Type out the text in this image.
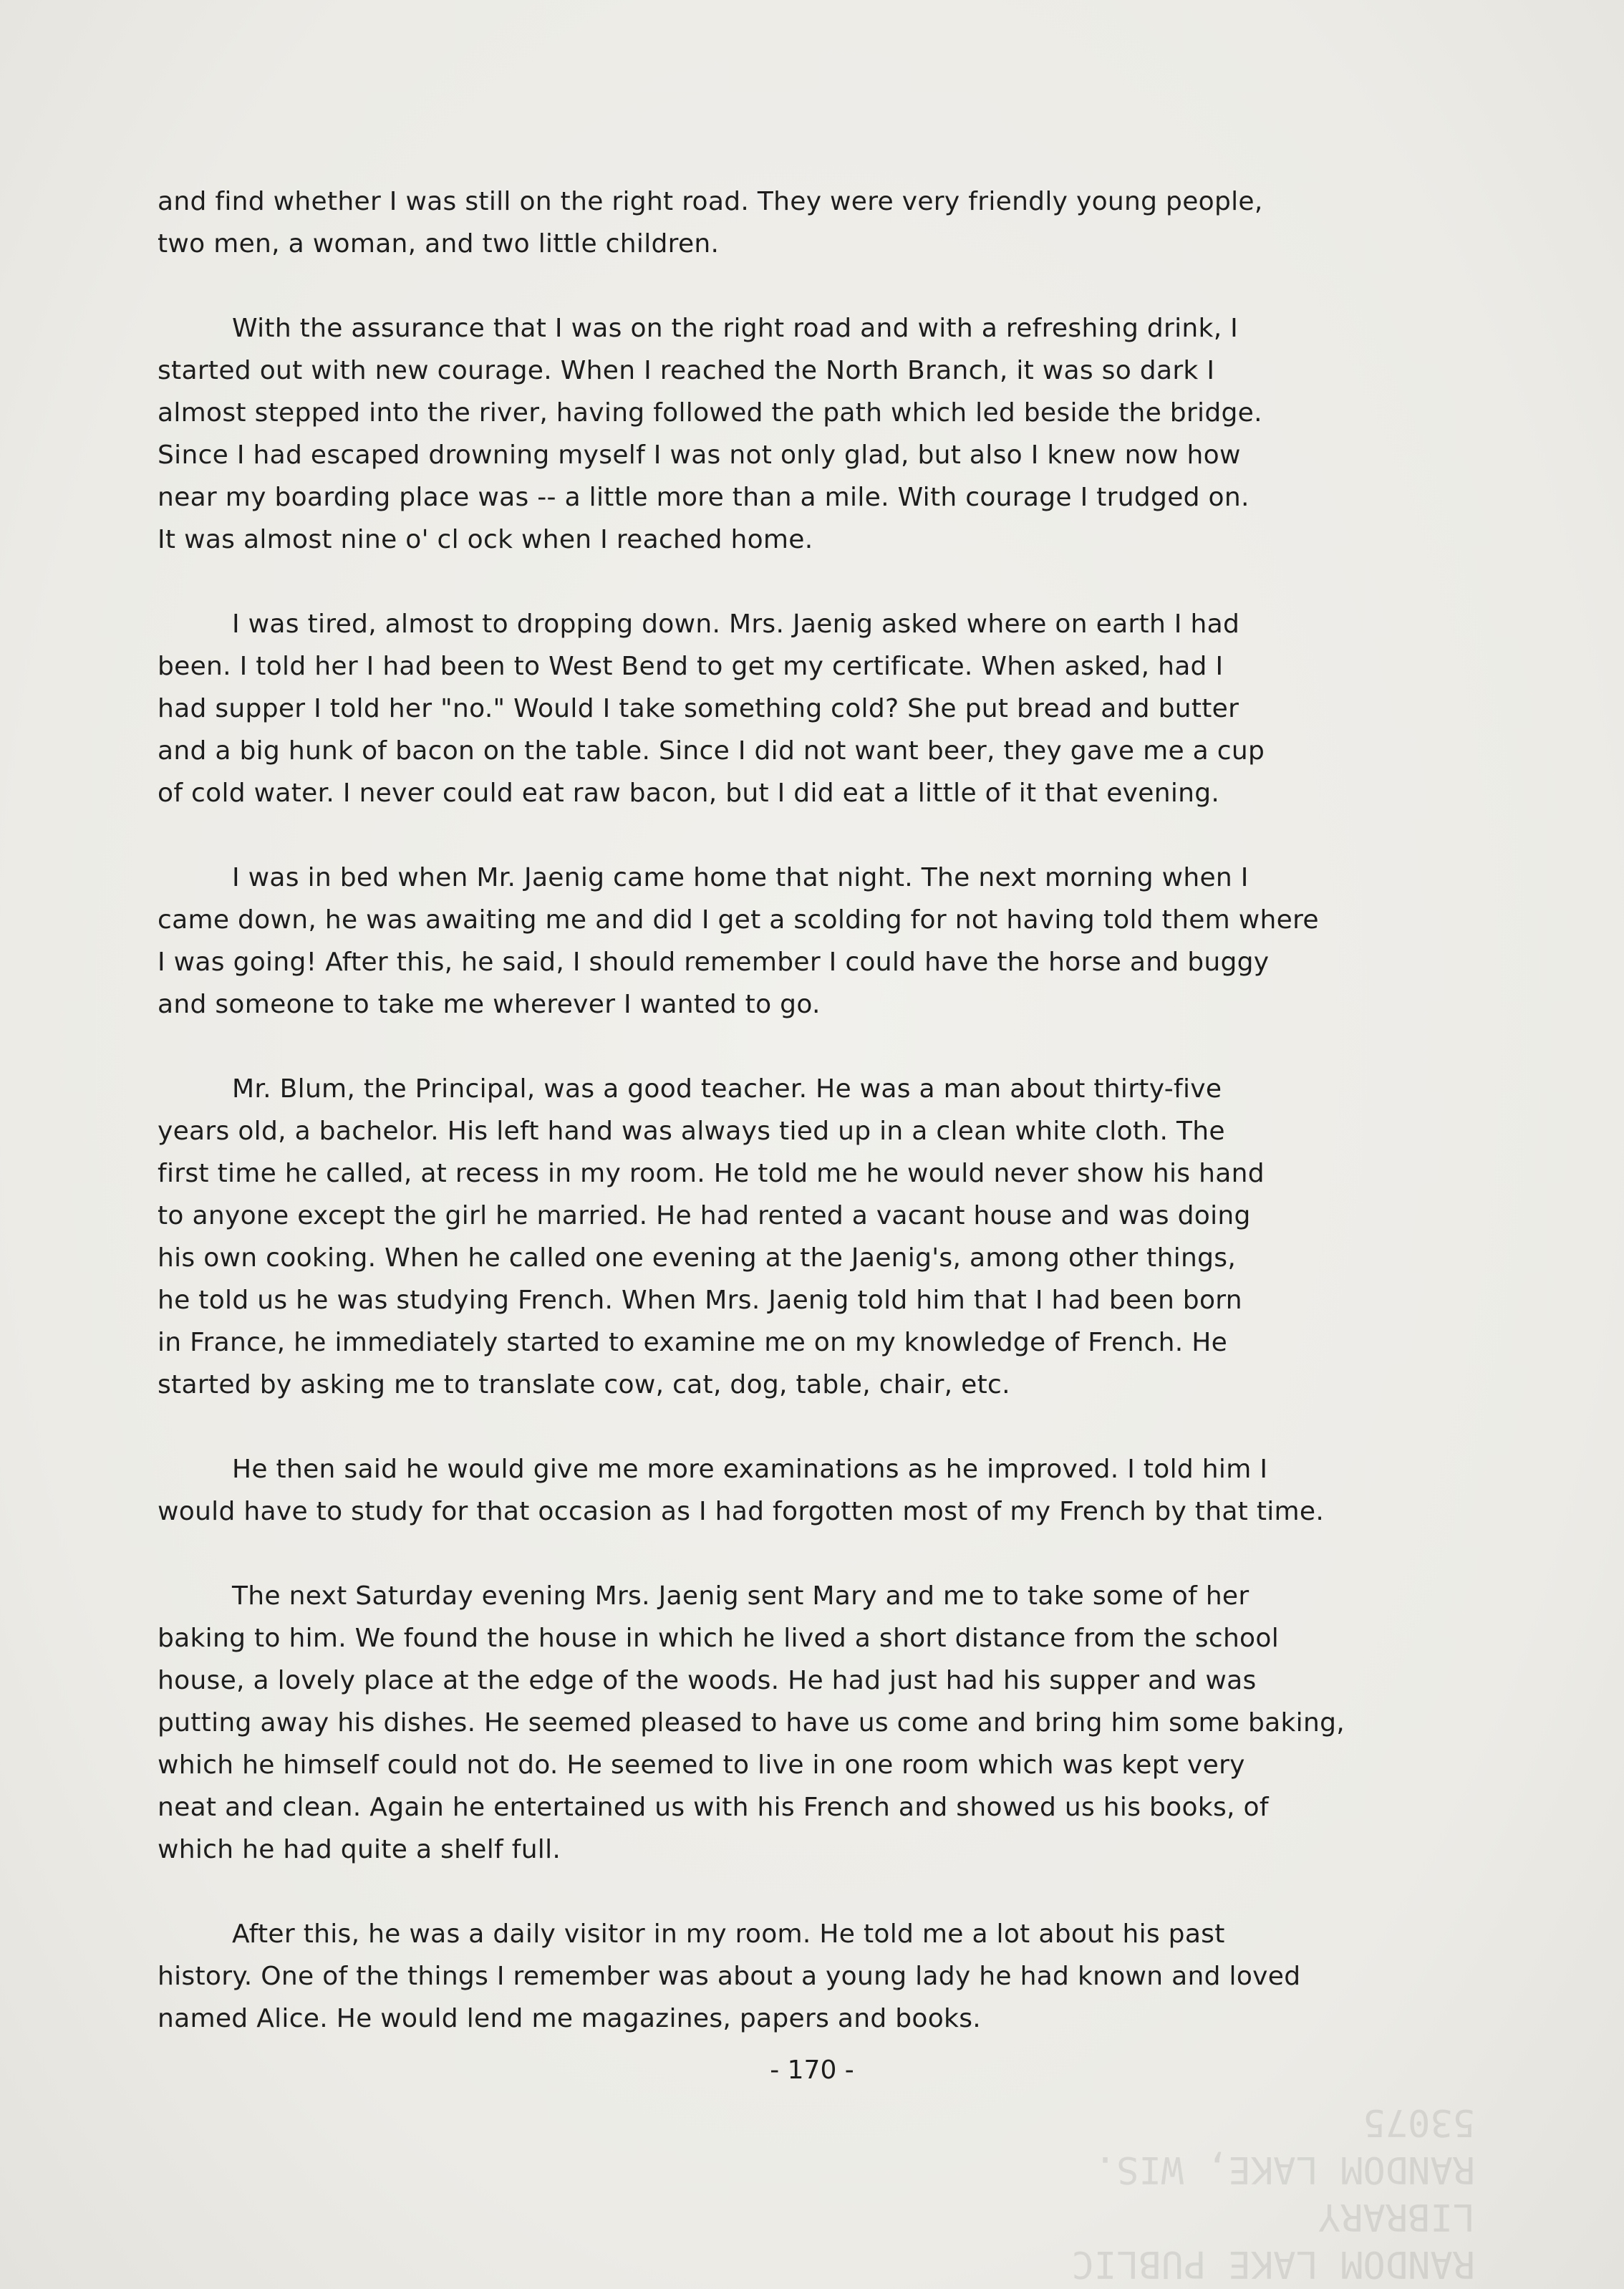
and find whether I was still on the right road. They were very friendly young people,
two men, a woman, and two little children.
With the assurance that I was on the right road and with a refreshing drink, I
started out with new courage. When I reached the North Branch, it was so dark I
almost stepped into the river, having followed the path which led beside the bridge.
Since I had escaped drowning myself I was not only glad, but also I knew now how
near my boarding place was -- a little more than a mile. With courage I trudged on.
It was almost nine o' cl ock when I reached home.
I was tired, almost to dropping down. Mrs. Jaenig asked where on earth I had
been. I told her I had been to West Bend to get my certificate. When asked, had I
had supper I told her "no." Would I take something cold? She put bread and butter
and a big hunk of bacon on the table. Since I did not want beer, they gave me a cup
of cold water. I never could eat raw bacon, but I did eat a little of it that evening.
I was in bed when Mr. Jaenig came home that night. The next morning when I
came down, he was awaiting me and did I get a scolding for not having told them where
I was going! After this, he said, I should remember I could have the horse and buggy
and someone to take me wherever I wanted to go.
Mr. Blum, the Principal, was a good teacher. He was a man about thirty-five
years old, a bachelor. His left hand was always tied up in a clean white cloth. The
first time he called, at recess in my room. He told me he would never show his hand
to anyone except the girl he married. He had rented a vacant house and was doing
his own cooking. When he called one evening at the Jaenig's, among other things,
he told us he was studying French. When Mrs. Jaenig told him that I had been born
in France, he immediately started to examine me on my knowledge of French. He
started by asking me to translate cow, cat, dog, table, chair, etc.
He then said he would give me more examinations as he improved. I told him I
would have to study for that occasion as I had forgotten most of my French by that time.
The next Saturday evening Mrs. Jaenig sent Mary and me to take some of her
baking to him. We found the house in which he lived a short distance from the school
house, a lovely place at the edge of the woods. He had just had his supper and was
putting away his dishes. He seemed pleased to have us come and bring him some baking,
which he himself could not do. He seemed to live in one room which was kept very
neat and clean. Again he entertained us with his French and showed us his books, of
which he had quite a shelf full.
After this, he was a daily visitor in my room. He told me a lot about his past
history. One of the things I remember was about a young lady he had known and loved
named Alice. He would lend me magazines, papers and books.
- 170 -
RANDOM LAKE PUBLIC LIBRARY
RANDOM LAKE, WIS. 53075
